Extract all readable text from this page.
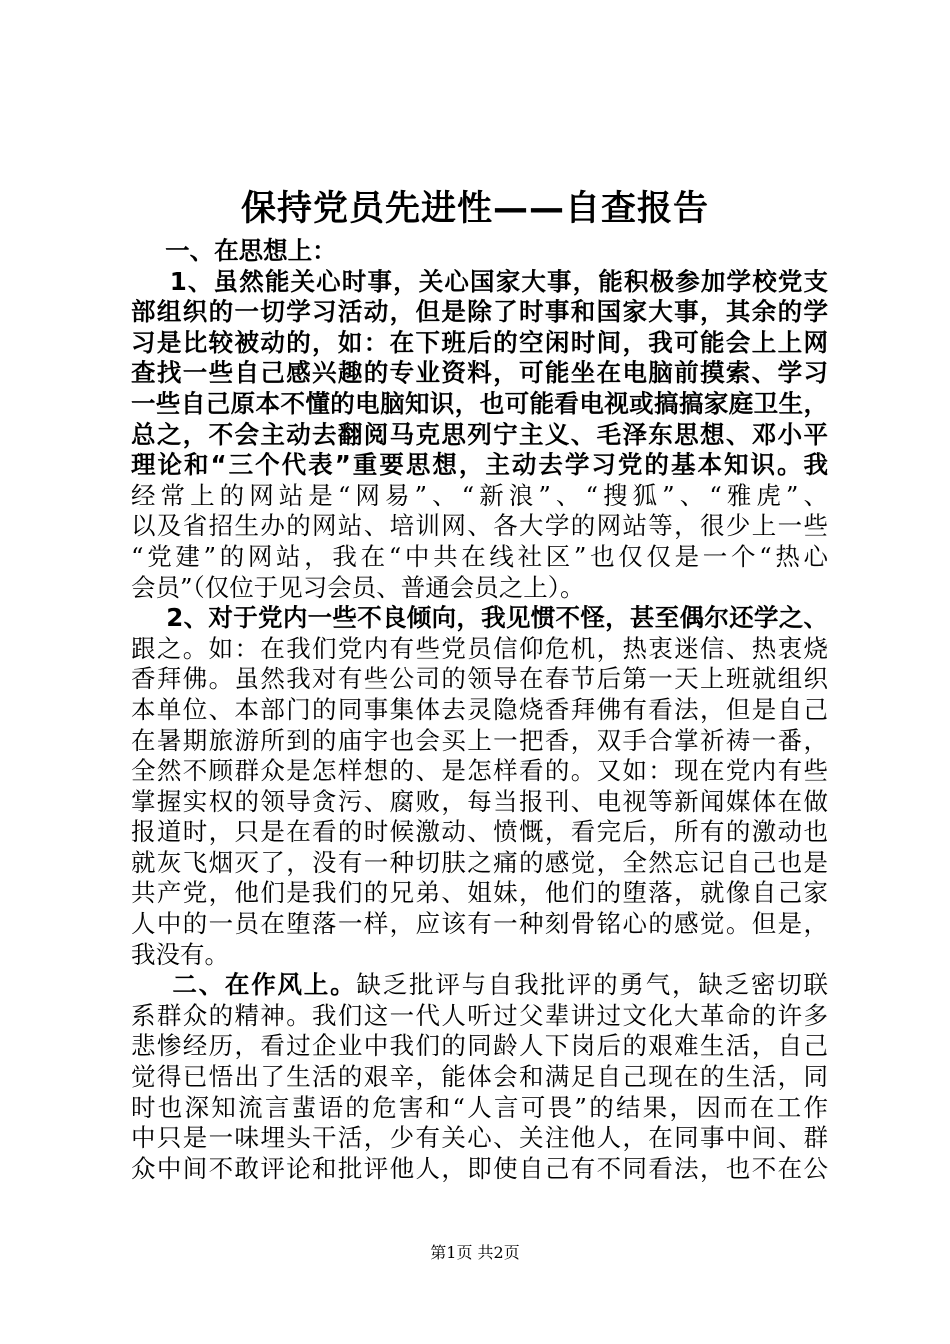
保持党员先进性——自查报告
一、在思想上：
1、虽然能关心时事，关心国家大事，能积极参加学校党支
部组织的一切学习活动，但是除了时事和国家大事，其余的学
习是比较被动的，如：在下班后的空闲时间，我可能会上上网
查找一些自己感兴趣的专业资料，可能坐在电脑前摸索、学习
一些自己原本不懂的电脑知识，也可能看电视或搞搞家庭卫生，
总之，不会主动去翻阅马克思列宁主义、毛泽东思想、邓小平
理论和“三个代表”重要思想，主动去学习党的基本知识。我
经常上的网站是“网易”、“新浪”、“搜狐”、“雅虎”、
以及省招生办的网站、培训网、各大学的网站等，很少上一些
“党建”的网站，我在“中共在线社区”也仅仅是一个“热心
会员”（仅位于见习会员、普通会员之上）。
2、对于党内一些不良倾向，我见惯不怪，甚至偶尔还学之、
跟之。如：在我们党内有些党员信仰危机，热衷迷信、热衷烧
香拜佛。虽然我对有些公司的领导在春节后第一天上班就组织
本单位、本部门的同事集体去灵隐烧香拜佛有看法，但是自己
在暑期旅游所到的庙宇也会买上一把香，双手合掌祈祷一番，
全然不顾群众是怎样想的、是怎样看的。又如：现在党内有些
掌握实权的领导贪污、腐败，每当报刊、电视等新闻媒体在做
报道时，只是在看的时候激动、愤慨，看完后，所有的激动也
就灰飞烟灭了，没有一种切肤之痛的感觉，全然忘记自己也是
共产党，他们是我们的兄弟、姐妹，他们的堕落，就像自己家
人中的一员在堕落一样，应该有一种刻骨铭心的感觉。但是，
我没有。
二、在作风上。缺乏批评与自我批评的勇气，缺乏密切联
系群众的精神。我们这一代人听过父辈讲过文化大革命的许多
悲惨经历，看过企业中我们的同龄人下岗后的艰难生活，自己
觉得已悟出了生活的艰辛，能体会和满足自己现在的生活，同
时也深知流言蜚语的危害和“人言可畏”的结果，因而在工作
中只是一味埋头干活，少有关心、关注他人，在同事中间、群
众中间不敢评论和批评他人，即使自己有不同看法，也不在公
第1页 共2页
